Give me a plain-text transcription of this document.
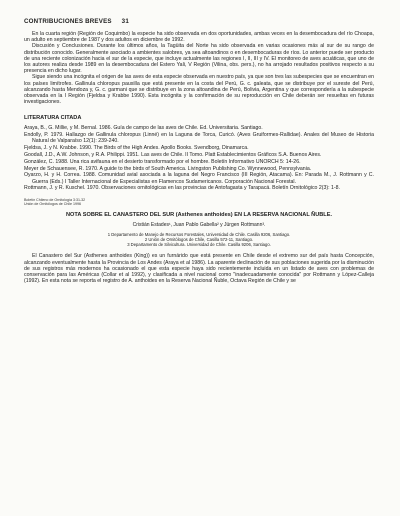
CONTRIBUCIONES BREVES 31

En la cuarta región (Región de Coquimbo) la especie ha sido observada en dos oportunidades, ambas veces en la desembocadura del río Choapa, un adulto en septiembre de 1987 y dos adultos en diciembre de 1992.

Discusión y Conclusiones. Durante los últimos años, la Tagüita del Norte ha sido observada en varias ocasiones más al sur de su rango de distribución conocido. Generalmente asociado a ambientes salobres, ya sea altoandinos o en desembocaduras de ríos. Lo anterior puede ser producto de una reciente colonización hacia el sur de la especie, que incluye actualmente las regiones I, II, III y IV. El monitoreo de aves acuáticas, que uno de los autores realiza desde 1989 en la desembocadura del Estero Yali, V Región (Vilina, obs. pers.), no ha arrojado resultados positivos respecto a su presencia en dicho lugar.

Sigue siendo una incógnita el origen de las aves de esta especie observada en nuestro país, ya que son tres las subespecies que se encuentran en los países limítrofes. Gallinula chloropus pauxilla que está presente en la costa del Perú, G. c. galeata, que se distribuye por el sureste del Perú, alcanzando hasta Mendoza y, G. c. garmani que se distribuye en la zona altoandina de Perú, Bolivia, Argentina y que correspondería a la subespecie observada en la I Región (Fjeldsa y Krabbe 1990). Esta incógnita y la confirmación de su reproducción en Chile deberán ser resueltas en futuras investigaciones.

LITERATURA CITADA

Araya, B., G. Millie, y M. Bernal. 1986. Guía de campo de las aves de Chile. Ed. Universitaria. Santiago.

Endolly, P. 1979. Hallazgo de Gallinula chloropus (Linné) en la Laguna de Torca, Curicó. (Aves Gruiformes-Rallidae). Anales del Museo de Historia Natural de Valparaíso 12(1): 239-240.

Fjeldsa, J. y N. Krabbe. 1990. The Birds of the High Andes. Apollo Books. Svendborg, Dinamarca.

Goodall, J.D., A.W. Johnson, y R.A. Philippi. 1951. Las aves de Chile. II Tomo. Platt Establecimientos Gráficos S.A. Buenos Aires.

González, C. 1988. Una rica avifauna en el desierto transformado por el hombre. Boletín Informativo UNORCH 5: 14-26.

Meyer de Schauensee, R. 1970. A guide to the birds of South America. Livingston Publishing Co. Wynnewood, Pennsylvania.

Oyarzo, H. y H. Correa. 1988. Comunidad avial asociada a la laguna del Negro Francisco (III Región, Atacama). En: Parada M., J. Rottmann y C. Guerra (Eds.) I Taller Internacional de Especialistas en Flamencos Sudamericanos. Corporación Nacional Forestal.

Rottmann, J. y R. Kuschel. 1970. Observaciones ornitológicas en las provincias de Antofagasta y Tarapacá. Boletín Ornitológico 2(3): 1-8.

Boletín Chileno de Ornitología 3:31-32
Unión de Ornitólogos de Chile 1996
NOTA SOBRE EL CANASTERO DEL SUR (Asthenes anthoides) EN LA RESERVA NACIONAL ÑUBLE.
Cristián Estades¹, Juan Pablo Gabella² y Jürgen Rottmann³.
1 Departamento de Manejo de Recursos Forestales, Universidad de Chile. Casilla 9206, Santiago.
2 Unión de Ornitólogos de Chile, Casilla 572-11, Santiago.
3 Departamento de Silvicultura. Universidad de Chile. Casilla 9206, Santiago.

El Canastero del Sur (Asthenes anthoides (King)) es un furnárido que está presente en Chile desde el extremo sur del país hasta Concepción, alcanzando eventualmente hasta la Provincia de Los Andes (Araya et al 1986). La aparente declinación de sus poblaciones sugerida por la disminución de sus registros más modernos ha ocasionado el que esta especie haya sido recientemente incluida en un listado de aves con problemas de conservación para las Américas (Collar et al 1992), y clasificada a nivel nacional como "inadecuadamente conocida" por Rottmann y López-Calleja (1992). En esta nota se reporta el registro de A. anthoides en la Reserva Nacional Ñuble, Octava Región de Chile y se
